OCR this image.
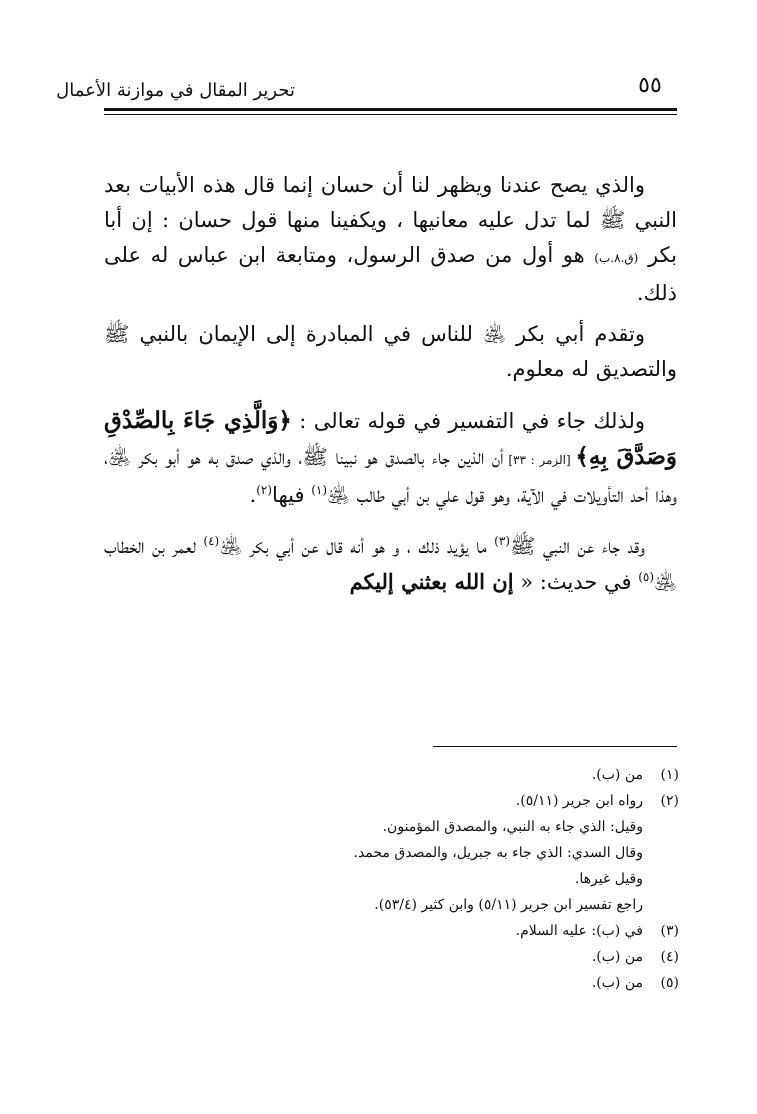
٥٥
تحرير المقال في موازنة الأعمال

والذي يصح عندنا ويظهر لنا أن حسان إنما قال هذه الأبيات بعد النبي ﷺ لما تدل عليه معانيها ، ويكفينا منها قول حسان : إن أبا بكر (ق.٨.ب) هو أول من صدق الرسول، ومتابعة ابن عباس له على ذلك.

وتقدم أبي بكر ﵁ للناس في المبادرة إلى الإيمان بالنبي ﷺ والتصديق له معلوم.

ولذلك جاء في التفسير في قوله تعالى : ﴿وَالَّذِي جَاءَ بِالصِّدْقِ وَصَدَّقَ بِهِ﴾ [الزمر : ٣٣] أن الذين جاء بالصدق هو نبينا ﷺ، والذي صدق به هو أبو بكر ﵁، وهذا أحد التأويلات في الآية، وهو قول علي بن أبي طالب ﵁$^{(١)}$ فيها$^{(٢)}$.

وقد جاء عن النبي ﷺ$^{(٣)}$ ما يؤيد ذلك ، و هو أنه قال عن أبي بكر ﵁$^{(٤)}$ لعمر بن الخطاب ﵁$^{(٥)}$ في حديث: « إن الله بعثني إليكم

(١)من (ب).

(٢)رواه ابن جرير (٥/١١).

وقيل: الذي جاء به النبي، والمصدق المؤمنون.

وقال السدي: الذي جاء به جبريل، والمصدق محمد.

وقيل غيرها.

راجع تفسير ابن جرير (٥/١١) وابن كثير (٥٣/٤).

(٣)في (ب): عليه السلام.

(٤)من (ب).

(٥)من (ب).
